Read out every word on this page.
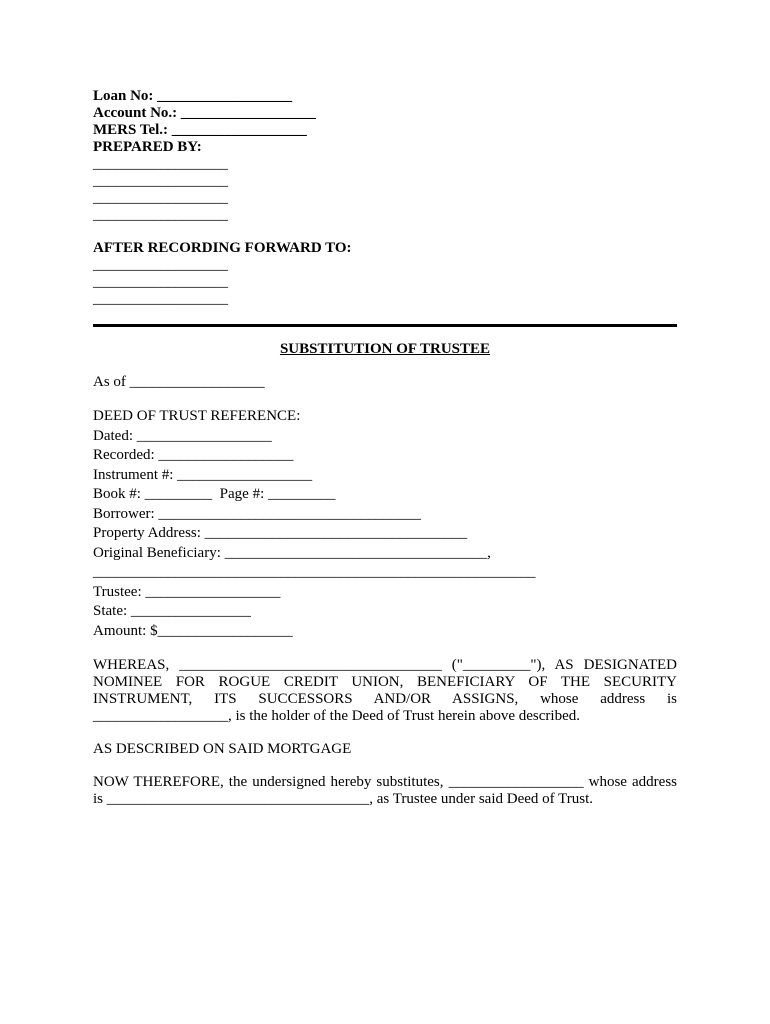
Loan No: __________________
Account No.: __________________
MERS Tel.: __________________
PREPARED BY:
__________________
__________________
__________________
__________________
AFTER RECORDING FORWARD TO:
__________________
__________________
__________________
SUBSTITUTION OF TRUSTEE
As of __________________
DEED OF TRUST REFERENCE:
Dated: __________________
Recorded: __________________
Instrument #: __________________
Book #: _________  Page #: _________
Borrower: ___________________________________
Property Address: ___________________________________
Original Beneficiary: ___________________________________,
___________________________________________________________
Trustee: __________________
State: ________________
Amount: $__________________
WHEREAS, ___________________________________ ("_________"), AS DESIGNATED NOMINEE FOR ROGUE CREDIT UNION, BENEFICIARY OF THE SECURITY INSTRUMENT, ITS SUCCESSORS AND/OR ASSIGNS, whose address is __________________, is the holder of the Deed of Trust herein above described.
AS DESCRIBED ON SAID MORTGAGE
NOW THEREFORE, the undersigned hereby substitutes, __________________ whose address is ___________________________________, as Trustee under said Deed of Trust.
